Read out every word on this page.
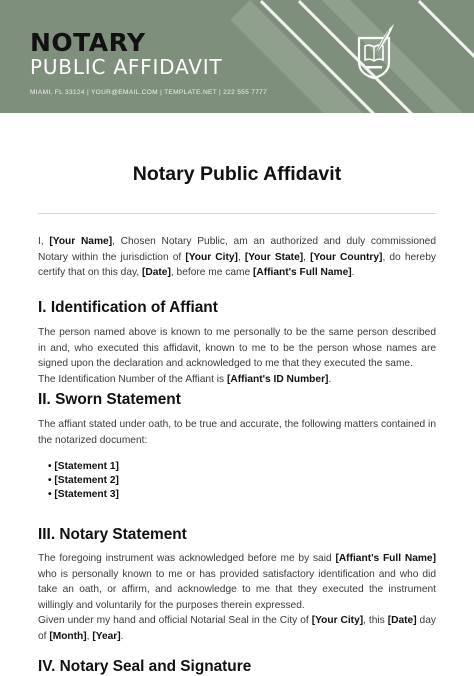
NOTARY
PUBLIC AFFIDAVIT
MIAMI, FL 33124 | YOUR@EMAIL.COM | TEMPLATE.NET | 222 555 7777
Notary Public Affidavit
I, [Your Name], Chosen Notary Public, am an authorized and duly commissioned Notary within the jurisdiction of [Your City], [Your State], [Your Country], do hereby certify that on this day, [Date], before me came [Affiant's Full Name].
I. Identification of Affiant
The person named above is known to me personally to be the same person described in and, who executed this affidavit, known to me to be the person whose names are signed upon the declaration and acknowledged to me that they executed the same.
The Identification Number of the Affiant is [Affiant's ID Number].
II. Sworn Statement
The affiant stated under oath, to be true and accurate, the following matters contained in the notarized document:
• [Statement 1]
• [Statement 2]
• [Statement 3]
III. Notary Statement
The foregoing instrument was acknowledged before me by said [Affiant's Full Name] who is personally known to me or has provided satisfactory identification and who did take an oath, or affirm, and acknowledge to me that they executed the instrument willingly and voluntarily for the purposes therein expressed.
Given under my hand and official Notarial Seal in the City of [Your City], this [Date] day of [Month], [Year].
IV. Notary Seal and Signature
